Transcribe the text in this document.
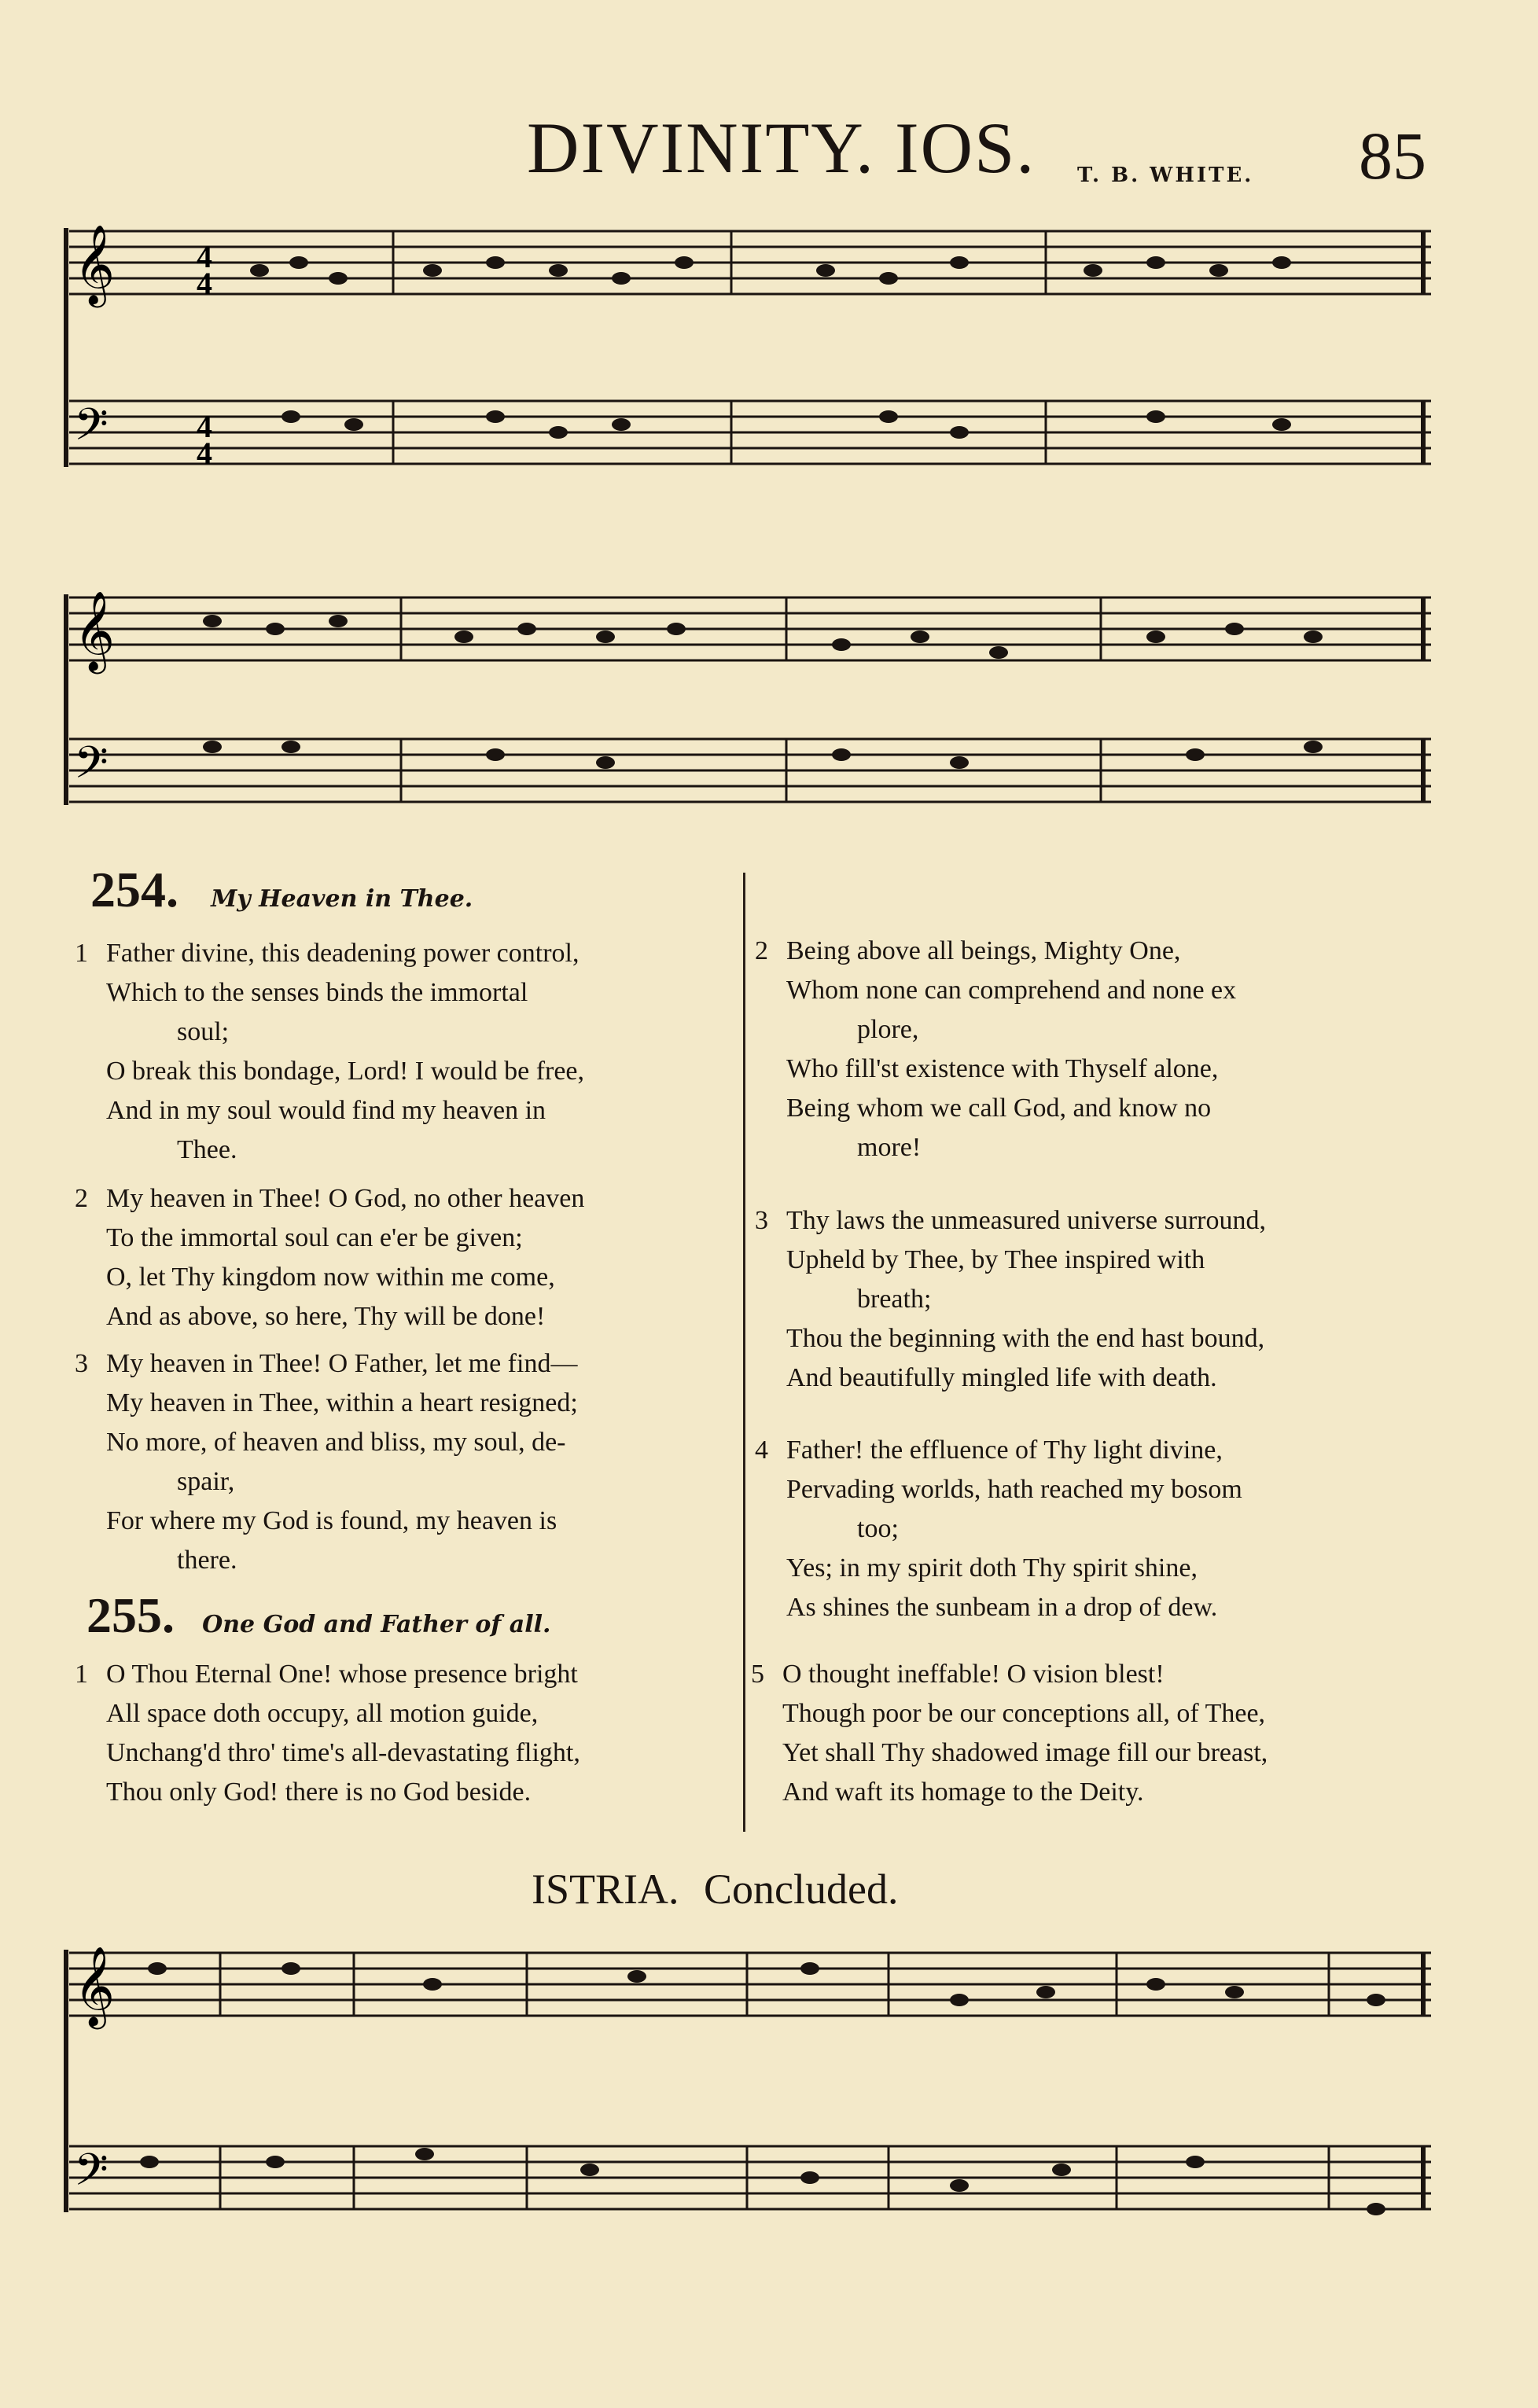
DIVINITY. IOS. T. B. WHITE. 85
𝄞
𝄢
4
4
4
4
𝄞
𝄢
254. My Heaven in Thee.
1 Father divine, this deadening power control,
Which to the senses binds the immortal
soul;
O break this bondage, Lord! I would be free,
And in my soul would find my heaven in
Thee.
2 My heaven in Thee! O God, no other heaven
To the immortal soul can e'er be given;
O, let Thy kingdom now within me come,
And as above, so here, Thy will be done!
3 My heaven in Thee! O Father, let me find—
My heaven in Thee, within a heart resigned;
No more, of heaven and bliss, my soul, de-
spair,
For where my God is found, my heaven is
there.
255. One God and Father of all.
1 O Thou Eternal One! whose presence bright
All space doth occupy, all motion guide,
Unchang'd thro' time's all-devastating flight,
Thou only God! there is no God beside.
2 Being above all beings, Mighty One,
Whom none can comprehend and none ex
plore,
Who fill'st existence with Thyself alone,
Being whom we call God, and know no
more!
3 Thy laws the unmeasured universe surround,
Upheld by Thee, by Thee inspired with
breath;
Thou the beginning with the end hast bound,
And beautifully mingled life with death.
4 Father! the effluence of Thy light divine,
Pervading worlds, hath reached my bosom
too;
Yes; in my spirit doth Thy spirit shine,
As shines the sunbeam in a drop of dew.
5 O thought ineffable! O vision blest!
Though poor be our conceptions all, of Thee,
Yet shall Thy shadowed image fill our breast,
And waft its homage to the Deity.
ISTRIA. Concluded.
𝄞
𝄢
